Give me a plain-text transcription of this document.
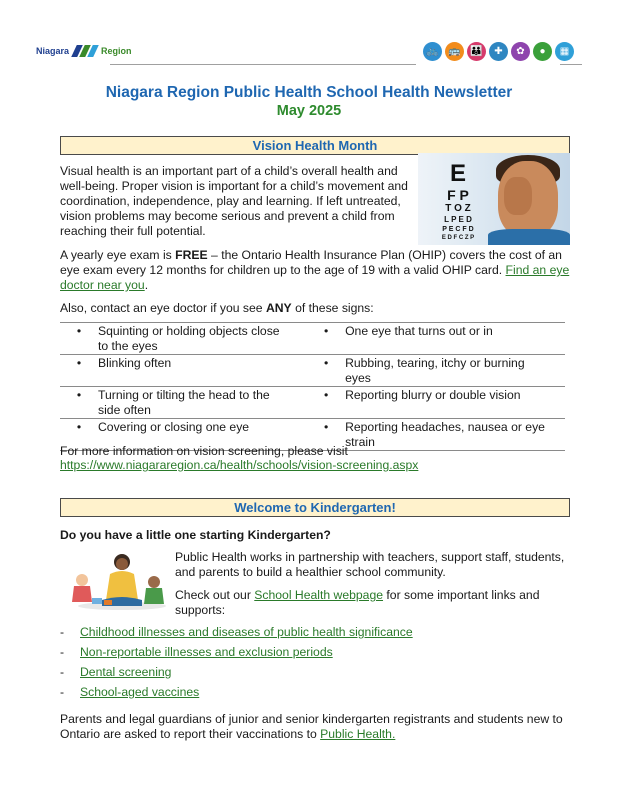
Niagara	Region	🚲 🚌 👪	✚	✿	●	▦
Niagara Region Public Health School Health Newsletter
May 2025
Vision Health Month
Visual health is an important part of a child’s overall health and well-being. Proper vision is important for a child’s movement and coordination, independence, play and learning. If left untreated, vision problems may become serious and prevent a child from reaching their full potential.
E
F P
T O Z
L P E D
P E C F D
E D F C Z P
A yearly eye exam is FREE – the Ontario Health Insurance Plan (OHIP) covers the cost of an eye exam every 12 months for children up to the age of 19 with a valid OHIP card. Find an eye doctor near you.
Also, contact an eye doctor if you see ANY of these signs:
• Squinting or holding objects close to the eyes	• One eye that turns out or in
• Blinking often	• Rubbing, tearing, itchy or burning eyes
• Turning or tilting the head to the side often	• Reporting blurry or double vision
• Covering or closing one eye	• Reporting headaches, nausea or eye strain
For more information on vision screening, please visit
https://www.niagararegion.ca/health/schools/vision-screening.aspx
Welcome to Kindergarten!
Do you have a little one starting Kindergarten?
Public Health works in partnership with teachers, support staff, students, and parents to build a healthier school community.
Check out our School Health webpage for some important links and supports:
-	Childhood illnesses and diseases of public health significance
-	Non-reportable illnesses and exclusion periods
-	Dental screening
-	School-aged vaccines
Parents and legal guardians of junior and senior kindergarten registrants and students new to Ontario are asked to report their vaccinations to Public Health.
